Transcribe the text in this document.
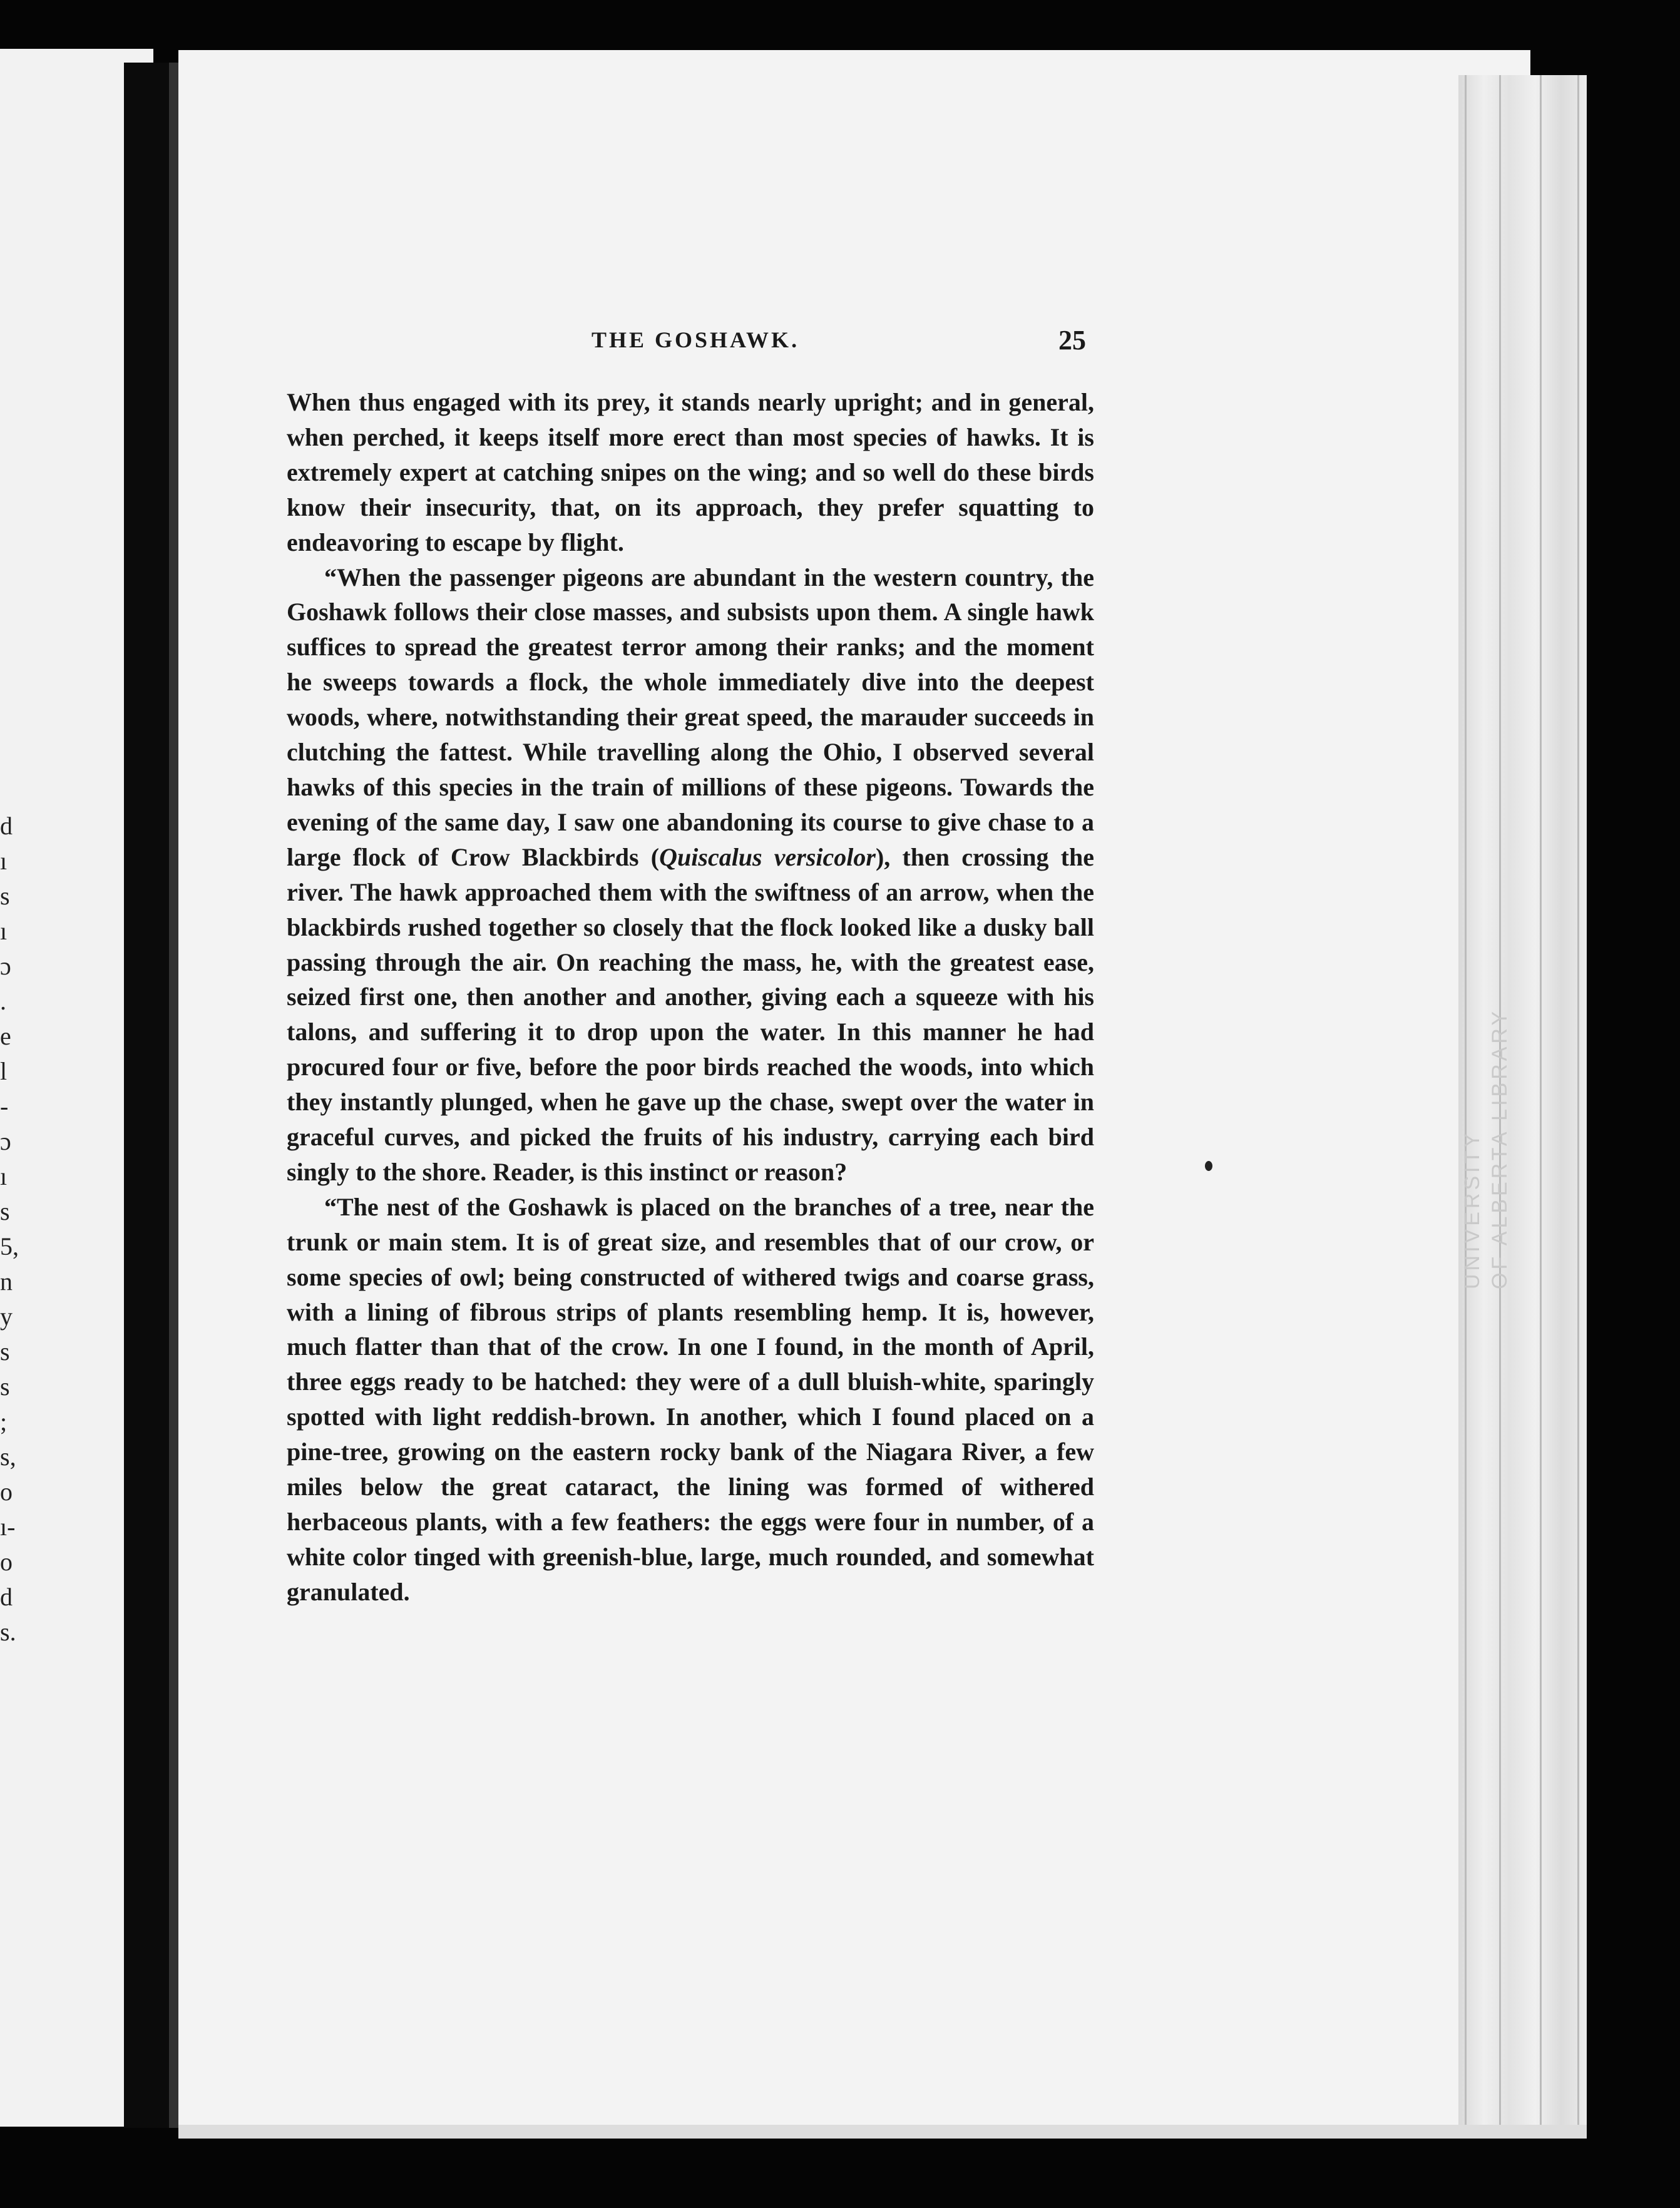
d
ı
s
ı
ɔ
.
e
l
-
ɔ
ı
s
5,
n
y
s
s
;
s,
o
ı-
o
d
s.
UNIVERSITY OF ALBERTA LIBRARY
THE GOSHAWK.	25

When thus engaged with its prey, it stands nearly upright; and in general, when perched, it keeps itself more erect than most species of hawks. It is extremely expert at catching snipes on the wing; and so well do these birds know their insecurity, that, on its approach, they prefer squatting to endeavoring to escape by flight.

“When the passenger pigeons are abundant in the western country, the Goshawk follows their close masses, and subsists upon them. A single hawk suffices to spread the greatest terror among their ranks; and the moment he sweeps towards a flock, the whole immediately dive into the deepest woods, where, notwithstanding their great speed, the marauder succeeds in clutching the fattest. While travelling along the Ohio, I observed several hawks of this species in the train of millions of these pigeons. Towards the evening of the same day, I saw one abandoning its course to give chase to a large flock of Crow Blackbirds (Quiscalus versicolor), then crossing the river. The hawk approached them with the swiftness of an arrow, when the blackbirds rushed together so closely that the flock looked like a dusky ball passing through the air. On reaching the mass, he, with the greatest ease, seized first one, then another and another, giving each a squeeze with his talons, and suffering it to drop upon the water. In this manner he had procured four or five, before the poor birds reached the woods, into which they instantly plunged, when he gave up the chase, swept over the water in graceful curves, and picked the fruits of his industry, carrying each bird singly to the shore. Reader, is this instinct or reason?

“The nest of the Goshawk is placed on the branches of a tree, near the trunk or main stem. It is of great size, and resembles that of our crow, or some species of owl; being constructed of withered twigs and coarse grass, with a lining of fibrous strips of plants resembling hemp. It is, however, much flatter than that of the crow. In one I found, in the month of April, three eggs ready to be hatched: they were of a dull bluish-white, sparingly spotted with light reddish-brown. In another, which I found placed on a pine-tree, growing on the eastern rocky bank of the Niagara River, a few miles below the great cataract, the lining was formed of withered herbaceous plants, with a few feathers: the eggs were four in number, of a white color tinged with greenish-blue, large, much rounded, and somewhat granulated.
